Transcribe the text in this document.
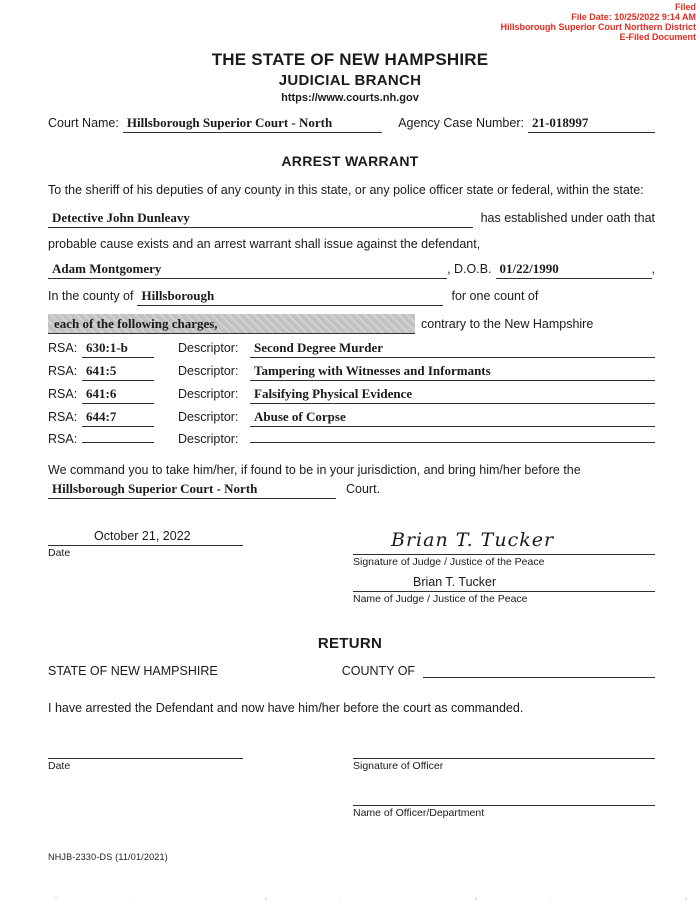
Filed
File Date: 10/25/2022 9:14 AM
Hillsborough Superior Court Northern District
E-Filed Document
THE STATE OF NEW HAMPSHIRE
JUDICIAL BRANCH
https://www.courts.nh.gov
Court Name: Hillsborough Superior Court - North	Agency Case Number: 21-018997
ARREST WARRANT
To the sheriff of his deputies of any county in this state, or any police officer state or federal, within the state:
Detective John Dunleavy	has established under oath that
probable cause exists and an arrest warrant shall issue against the defendant,
Adam Montgomery	, D.O.B. 01/22/1990	,
In the county of Hillsborough	for one count of
each of the following charges,	contrary to the New Hampshire
RSA: 630:1-b	Descriptor:	Second Degree Murder
RSA: 641:5	Descriptor:	Tampering with Witnesses and Informants
RSA: 641:6	Descriptor:	Falsifying Physical Evidence
RSA: 644:7	Descriptor:	Abuse of Corpse
RSA:	Descriptor:
We command you to take him/her, if found to be in your jurisdiction, and bring him/her before the
Hillsborough Superior Court - North	Court.
October 21, 2022
Date
Brian T. Tucker
Signature of Judge / Justice of the Peace
Brian T. Tucker
Name of Judge / Justice of the Peace
RETURN
STATE OF NEW HAMPSHIRE	COUNTY OF
I have arrested the Defendant and now have him/her before the court as commanded.
Date	Signature of Officer
Name of Officer/Department
NHJB-2330-DS (11/01/2021)
